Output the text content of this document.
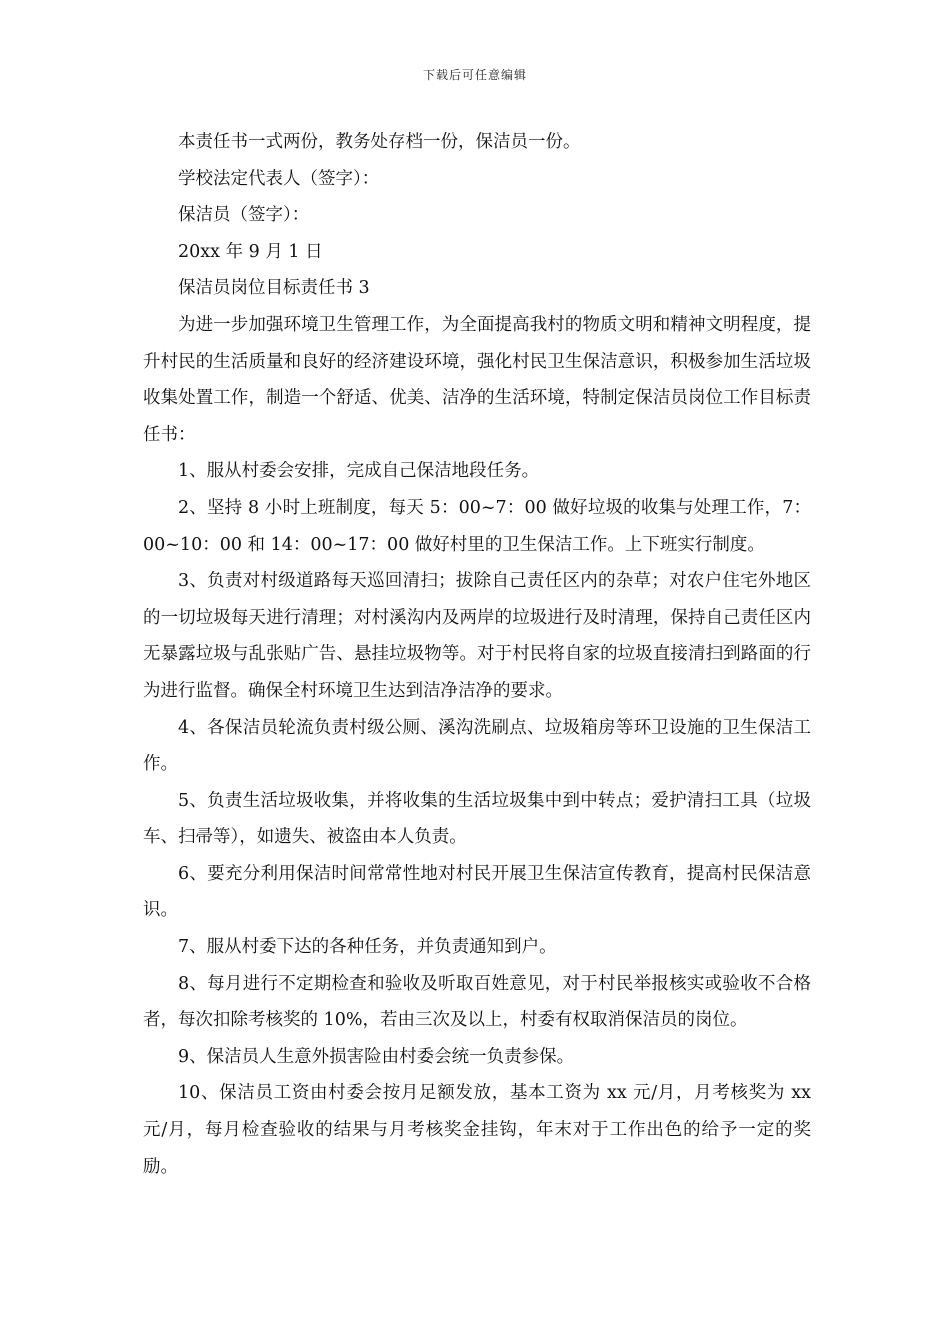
下载后可任意编辑

本责任书一式两份，教务处存档一份，保洁员一份。

学校法定代表人（签字）：

保洁员（签字）：

20xx 年 9 月 1 日

保洁员岗位目标责任书 3

为进一步加强环境卫生管理工作，为全面提高我村的物质文明和精神文明程度，提升村民的生活质量和良好的经济建设环境，强化村民卫生保洁意识，积极参加生活垃圾收集处置工作，制造一个舒适、优美、洁净的生活环境，特制定保洁员岗位工作目标责任书：

1、服从村委会安排，完成自己保洁地段任务。

2、坚持 8 小时上班制度，每天 5：00~7：00 做好垃圾的收集与处理工作，7：00~10：00 和 14：00~17：00 做好村里的卫生保洁工作。上下班实行制度。

3、负责对村级道路每天巡回清扫；拔除自己责任区内的杂草；对农户住宅外地区的一切垃圾每天进行清理；对村溪沟内及两岸的垃圾进行及时清理，保持自己责任区内无暴露垃圾与乱张贴广告、悬挂垃圾物等。对于村民将自家的垃圾直接清扫到路面的行为进行监督。确保全村环境卫生达到洁净洁净的要求。

4、各保洁员轮流负责村级公厕、溪沟洗刷点、垃圾箱房等环卫设施的卫生保洁工作。

5、负责生活垃圾收集，并将收集的生活垃圾集中到中转点；爱护清扫工具（垃圾车、扫帚等），如遗失、被盗由本人负责。

6、要充分利用保洁时间常常性地对村民开展卫生保洁宣传教育，提高村民保洁意识。

7、服从村委下达的各种任务，并负责通知到户。

8、每月进行不定期检查和验收及听取百姓意见，对于村民举报核实或验收不合格者，每次扣除考核奖的 10%，若由三次及以上，村委有权取消保洁员的岗位。

9、保洁员人生意外损害险由村委会统一负责参保。

10、保洁员工资由村委会按月足额发放，基本工资为 xx 元/月，月考核奖为 xx 元/月，每月检查验收的结果与月考核奖金挂钩，年末对于工作出色的给予一定的奖励。
